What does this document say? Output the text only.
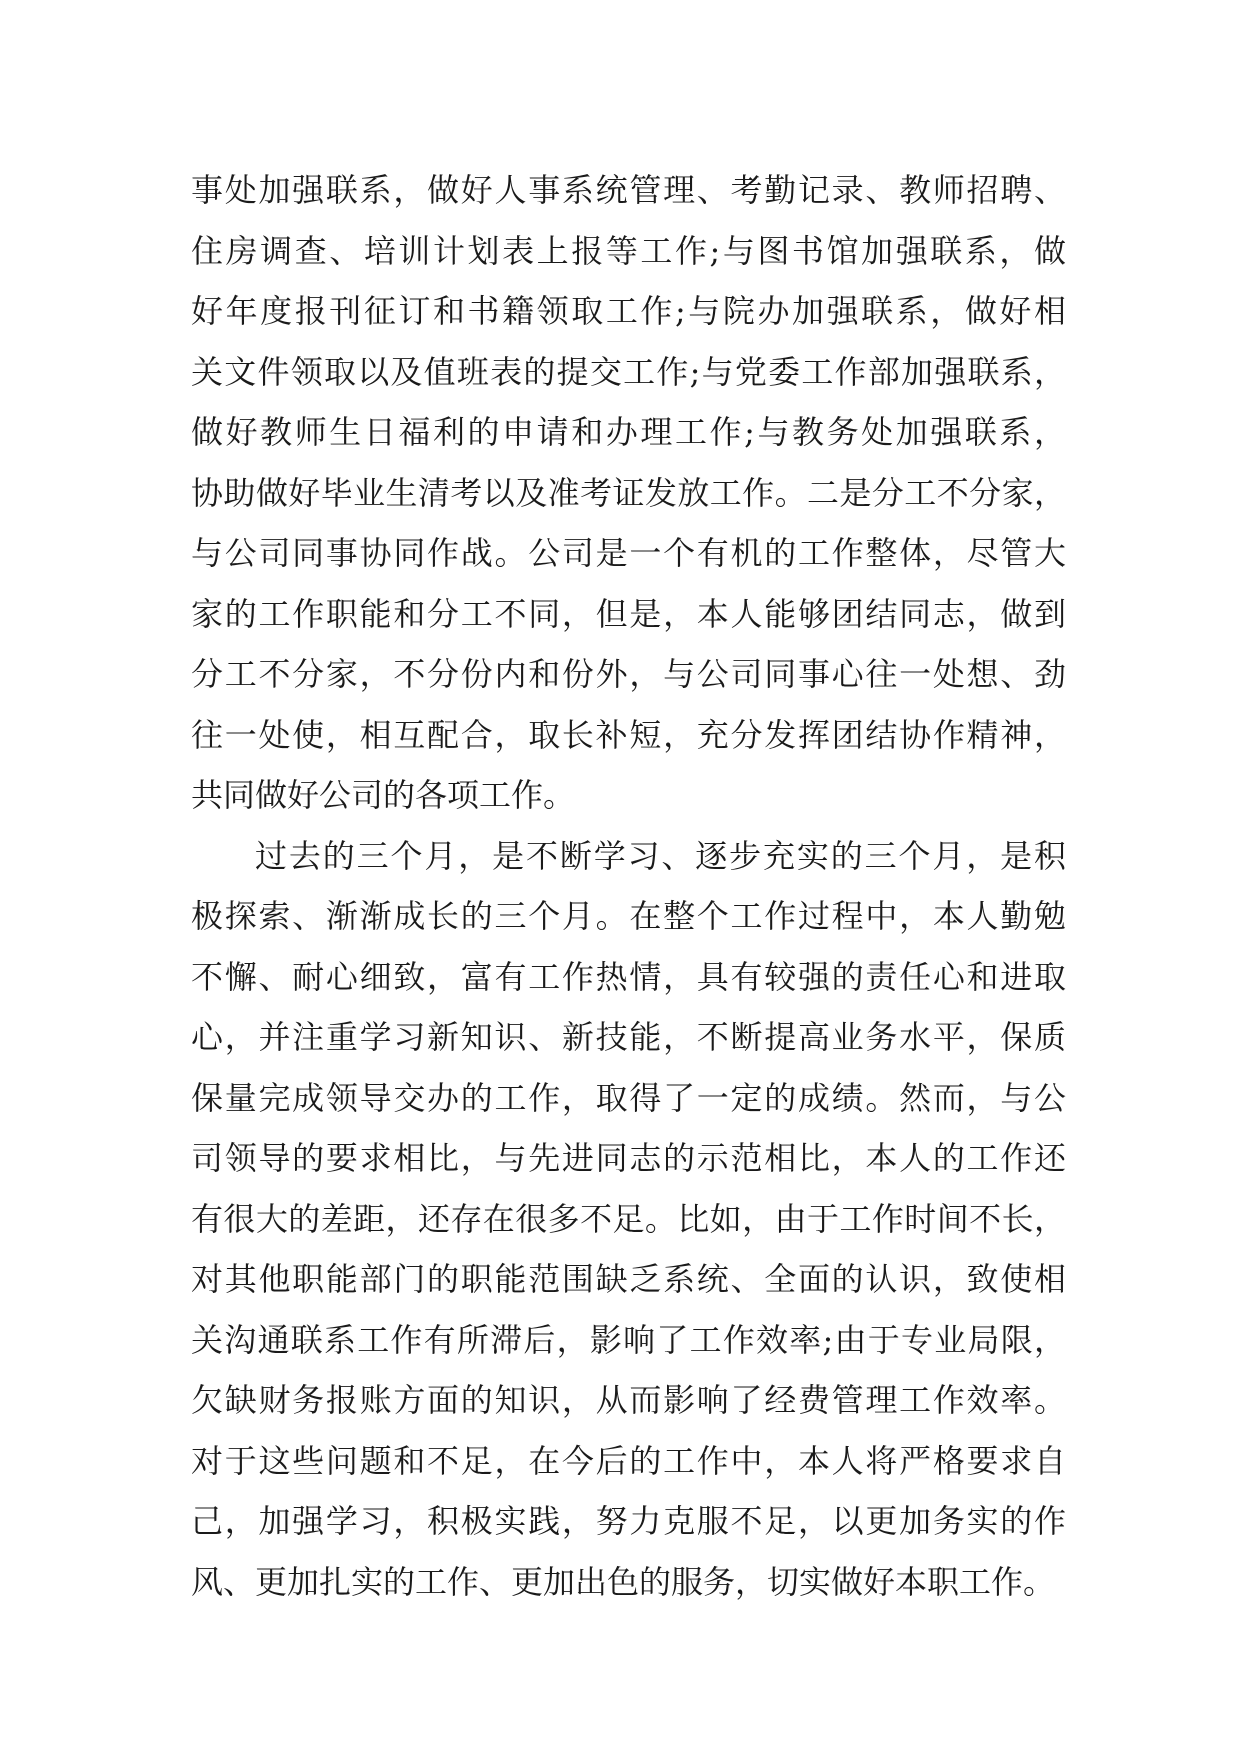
事处加强联系，做好人事系统管理、考勤记录、教师招聘、
住房调查、培训计划表上报等工作;与图书馆加强联系，做
好年度报刊征订和书籍领取工作;与院办加强联系，做好相
关文件领取以及值班表的提交工作;与党委工作部加强联系，
做好教师生日福利的申请和办理工作;与教务处加强联系，
协助做好毕业生清考以及准考证发放工作。二是分工不分家，
与公司同事协同作战。公司是一个有机的工作整体，尽管大
家的工作职能和分工不同，但是，本人能够团结同志，做到
分工不分家，不分份内和份外，与公司同事心往一处想、劲
往一处使，相互配合，取长补短，充分发挥团结协作精神，
共同做好公司的各项工作。
过去的三个月，是不断学习、逐步充实的三个月，是积
极探索、渐渐成长的三个月。在整个工作过程中，本人勤勉
不懈、耐心细致，富有工作热情，具有较强的责任心和进取
心，并注重学习新知识、新技能，不断提高业务水平，保质
保量完成领导交办的工作，取得了一定的成绩。然而，与公
司领导的要求相比，与先进同志的示范相比，本人的工作还
有很大的差距，还存在很多不足。比如，由于工作时间不长，
对其他职能部门的职能范围缺乏系统、全面的认识，致使相
关沟通联系工作有所滞后，影响了工作效率;由于专业局限，
欠缺财务报账方面的知识，从而影响了经费管理工作效率。
对于这些问题和不足，在今后的工作中，本人将严格要求自
己，加强学习，积极实践，努力克服不足，以更加务实的作
风、更加扎实的工作、更加出色的服务，切实做好本职工作。
